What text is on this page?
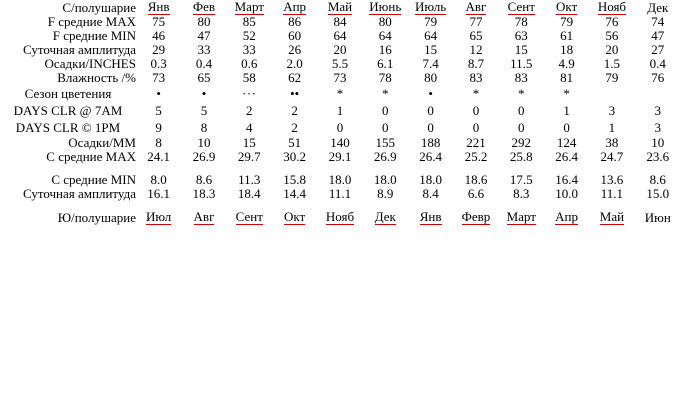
С/полушарие	Янв	Фев	Март	Апр	Май	Июнь	Июль	Авг	Сент	Окт	Нояб	Дек
F средние MAX	75	80	85	86	84	80	79	77	78	79	76	74
F средние MIN	46	47	52	60	64	64	64	65	63	61	56	47
Суточная амплитуда	29	33	33	26	20	16	15	12	15	18	20	27
Осадки/INCHES	0.3	0.4	0.6	2.0	5.5	6.1	7.4	8.7	11.5	4.9	1.5	0.4
Влажность /%	73	65	58	62	73	78	80	83	83	81	79	76
Сезон цветения	•	•	···	••	*	*	•	*	*	*		
DAYS CLR @ 7AM	5	5	2	2	1	0	0	0	0	1	3	3
DAYS CLR © 1PM	9	8	4	2	0	0	0	0	0	0	1	3
Осадки/ММ	8	10	15	51	140	155	188	221	292	124	38	10
С средние MAX	24.1	26.9	29.7	30.2	29.1	26.9	26.4	25.2	25.8	26.4	24.7	23.6

С средние MIN	8.0	8.6	11.3	15.8	18.0	18.0	18.0	18.6	17.5	16.4	13.6	8.6
Суточная амплитуда	16.1	18.3	18.4	14.4	11.1	8.9	8.4	6.6	8.3	10.0	11.1	15.0

Ю/полушарие	Июл	Авг	Сент	Окт	Нояб	Дек	Янв	Февр	Март	Апр	Май	Июн
